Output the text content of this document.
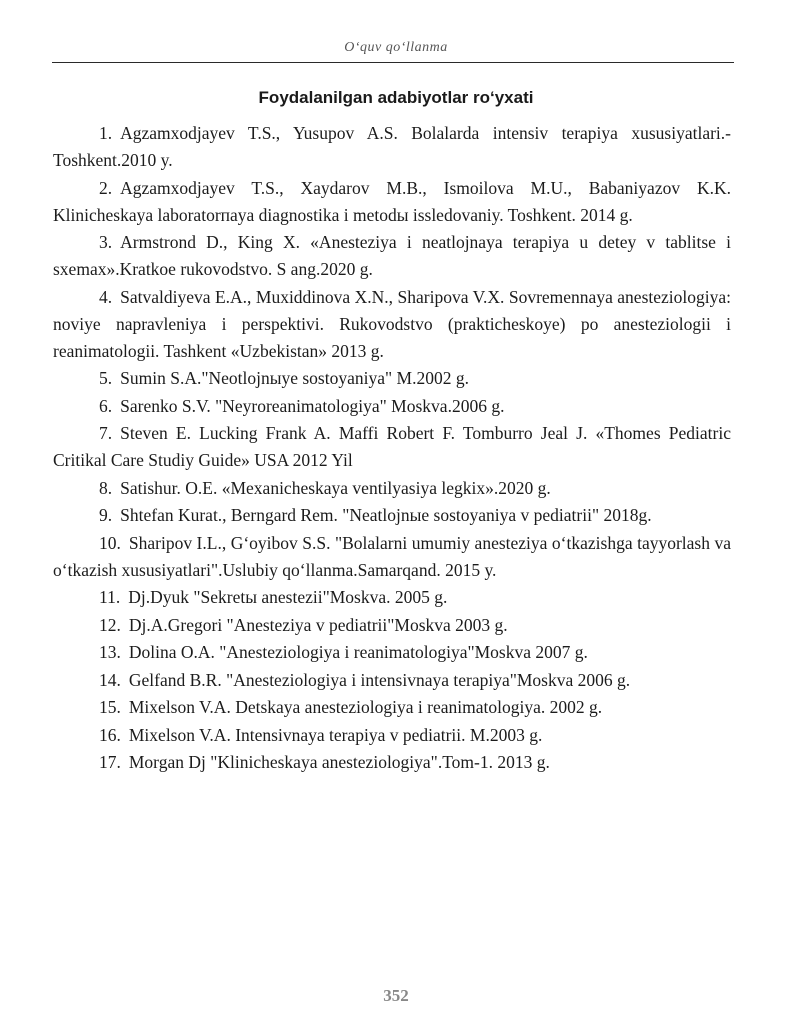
O‘quv qo‘llanma
Foydalanilgan adabiyotlar ro‘yxati
1. Agzamxodjayev T.S., Yusupov A.S. Bolalarda intensiv terapiya xususiyatlari.-Toshkent.2010 y.
2. Agzamxodjayev T.S., Xaydarov M.B., Ismoilova M.U., Babaniyazov K.K. Klinicheskaya laboratorпaya diagnostika i metodы issledovaniy. Toshkent. 2014 g.
3. Armstrond D., King X. «Anesteziya i neatlojnaya terapiya u detey v tablitse i sxemax».Kratkoe rukovodstvo. S ang.2020 g.
4. Satvaldiyeva E.A., Muxiddinova X.N., Sharipova V.X. Sovremennaya anesteziologiya: noviye napravleniya i perspektivi. Rukovodstvo (prakticheskoye) po anesteziologii i reanimatologii. Tashkent «Uzbekistan» 2013 g.
5. Sumin S.A."Neotlojnыye sostoyaniya" M.2002 g.
6. Sarenko S.V. "Neyroreanimatologiya" Moskva.2006 g.
7. Steven E. Lucking Frank A. Maffi Robert F. Tomburro Jeal J. «Thomes Pediatric Critikal Care Studiy Guide» USA 2012 Yil
8. Satishur. O.E. «Mexanicheskaya ventilyasiya legkix».2020 g.
9. Shtefan Kurat., Berngard Rem. "Neatlojnыe sostoyaniya v pediatrii" 2018g.
10. Sharipov I.L., G‘oyibov S.S. "Bolalarni umumiy anesteziya o‘tkazishga tayyorlash va o‘tkazish xususiyatlari".Uslubiy qo‘llanma.Samarqand. 2015 y.
11. Dj.Dyuk "Sekretы anestezii"Moskva. 2005 g.
12. Dj.A.Gregori "Anesteziya v pediatrii"Moskva 2003 g.
13. Dolina O.A. "Anesteziologiya i reanimatologiya"Moskva 2007 g.
14. Gelfand B.R. "Anesteziologiya i intensivnaya terapiya"Moskva 2006 g.
15. Mixelson V.A. Detskaya anesteziologiya i reanimatologiya. 2002 g.
16. Mixelson V.A. Intensivnaya terapiya v pediatrii. M.2003 g.
17. Morgan Dj "Klinicheskaya anesteziologiya".Tom-1. 2013 g.
352
